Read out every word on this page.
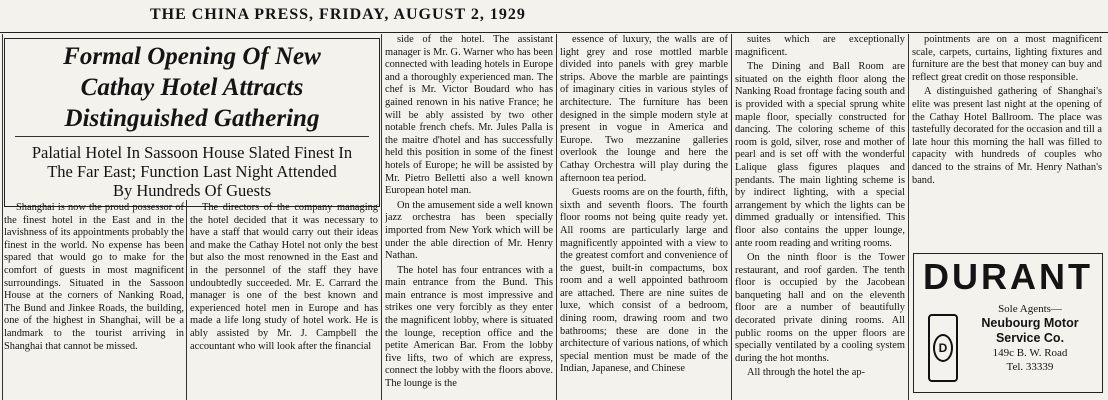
THE CHINA PRESS, FRIDAY, AUGUST 2, 1929
Formal Opening Of New
Cathay Hotel Attracts
Distinguished Gathering
Palatial Hotel In Sassoon House Slated Finest In
The Far East; Function Last Night Attended
By Hundreds Of Guests

Shanghai is now the proud possessor of the finest hotel in the East and in the lavishness of its appointments probably the finest in the world. No expense has been spared that would go to make for the comfort of guests in most magnificent surroundings. Situated in the Sassoon House at the corners of Nanking Road, The Bund and Jinkee Roads, the building, one of the highest in Shanghai, will be a landmark to the tourist arriving in Shanghai that cannot be missed.

The directors of the company managing the hotel decided that it was necessary to have a staff that would carry out their ideas and make the Cathay Hotel not only the best but also the most renowned in the East and in the personnel of the staff they have undoubtedly succeeded. Mr. E. Carrard the manager is one of the best known and experienced hotel men in Europe and has made a life long study of hotel work. He is ably assisted by Mr. J. Campbell the accountant who will look after the financial

side of the hotel. The assistant manager is Mr. G. Warner who has been connected with leading hotels in Europe and a thoroughly experienced man. The chef is Mr. Victor Boudard who has gained renown in his native France; he will be ably assisted by two other notable french chefs. Mr. Jules Palla is the maitre d'hotel and has successfully held this position in some of the finest hotels of Europe; he will be assisted by Mr. Pietro Belletti also a well known European hotel man.

On the amusement side a well known jazz orchestra has been specially imported from New York which will be under the able direction of Mr. Henry Nathan.

The hotel has four entrances with a main entrance from the Bund. This main entrance is most impressive and strikes one very forcibly as they enter the magnificent lobby, where is situated the lounge, reception office and the petite American Bar. From the lobby five lifts, two of which are express, connect the lobby with the floors above. The lounge is the

essence of luxury, the walls are of light grey and rose mottled marble divided into panels with grey marble strips. Above the marble are paintings of imaginary cities in various styles of architecture. The furniture has been designed in the simple modern style at present in vogue in America and Europe. Two mezzanine galleries overlook the lounge and here the Cathay Orchestra will play during the afternoon tea period.

Guests rooms are on the fourth, fifth, sixth and seventh floors. The fourth floor rooms not being quite ready yet. All rooms are particularly large and magnificently appointed with a view to the greatest comfort and convenience of the guest, built-in compactums, box room and a well appointed bathroom are attached. There are nine suites de luxe, which consist of a bedroom, dining room, drawing room and two bathrooms; these are done in the architecture of various nations, of which special mention must be made of the Indian, Japanese, and Chinese

suites which are exceptionally magnificent.

The Dining and Ball Room are situated on the eighth floor along the Nanking Road frontage facing south and is provided with a special sprung white maple floor, specially constructed for dancing. The coloring scheme of this room is gold, silver, rose and mother of pearl and is set off with the wonderful Lalique glass figures plaques and pendants. The main lighting scheme is by indirect lighting, with a special arrangement by which the lights can be dimmed gradually or intensified. This floor also contains the upper lounge, ante room reading and writing rooms.

On the ninth floor is the Tower restaurant, and roof garden. The tenth floor is occupied by the Jacobean banqueting hall and on the eleventh floor are a number of beautifully decorated private dining rooms. All public rooms on the upper floors are specially ventilated by a cooling system during the hot months.

All through the hotel the ap-

pointments are on a most magnificent scale, carpets, curtains, lighting fixtures and furniture are the best that money can buy and reflect great credit on those responsible.

A distinguished gathering of Shanghai's elite was present last night at the opening of the Cathay Hotel Ballroom. The place was tastefully decorated for the occasion and till a late hour this morning the hall was filled to capacity with hundreds of couples who danced to the strains of Mr. Henry Nathan's band.

DURANT
D
Sole Agents—
Neubourg Motor
Service Co.
149c B. W. Road
Tel. 33339
